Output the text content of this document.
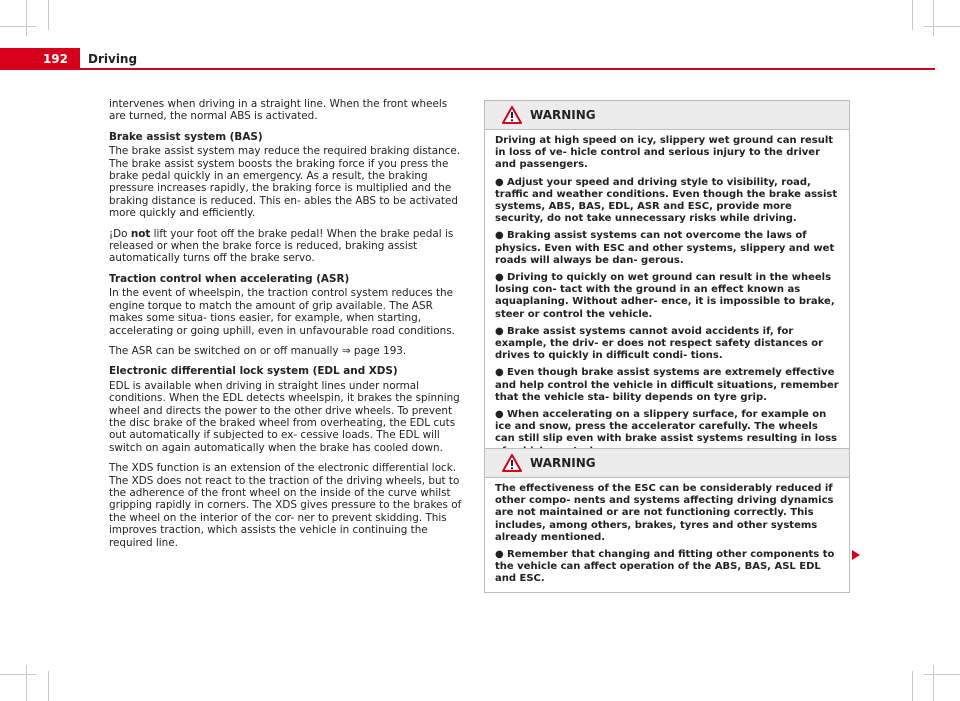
192	Driving

intervenes when driving in a straight line. When the front wheels are turned, the normal ABS is activated.

Brake assist system (BAS)

The brake assist system may reduce the required braking distance. The brake assist system boosts the braking force if you press the brake pedal quickly in an emergency. As a result, the braking pressure increases rapidly, the braking force is multiplied and the braking distance is reduced. This en- ables the ABS to be activated more quickly and efficiently.

¡Do not lift your foot off the brake pedal! When the brake pedal is released or when the brake force is reduced, braking assist automatically turns off the brake servo.

Traction control when accelerating (ASR)

In the event of wheelspin, the traction control system reduces the engine torque to match the amount of grip available. The ASR makes some situa- tions easier, for example, when starting, accelerating or going uphill, even in unfavourable road conditions.

The ASR can be switched on or off manually ⇒ page 193.

Electronic differential lock system (EDL and XDS)

EDL is available when driving in straight lines under normal conditions. When the EDL detects wheelspin, it brakes the spinning wheel and directs the power to the other drive wheels. To prevent the disc brake of the braked wheel from overheating, the EDL cuts out automatically if subjected to ex- cessive loads. The EDL will switch on again automatically when the brake has cooled down.

The XDS function is an extension of the electronic differential lock. The XDS does not react to the traction of the driving wheels, but to the adherence of the front wheel on the inside of the curve whilst gripping rapidly in corners. The XDS gives pressure to the brakes of the wheel on the interior of the cor- ner to prevent skidding. This improves traction, which assists the vehicle in continuing the required line.

WARNING

Driving at high speed on icy, slippery wet ground can result in loss of ve- hicle control and serious injury to the driver and passengers.

● Adjust your speed and driving style to visibility, road, traffic and weather conditions. Even though the brake assist systems, ABS, BAS, EDL, ASR and ESC, provide more security, do not take unnecessary risks while driving.

● Braking assist systems can not overcome the laws of physics. Even with ESC and other systems, slippery and wet roads will always be dan- gerous.

● Driving to quickly on wet ground can result in the wheels losing con- tact with the ground in an effect known as aquaplaning. Without adher- ence, it is impossible to brake, steer or control the vehicle.

● Brake assist systems cannot avoid accidents if, for example, the driv- er does not respect safety distances or drives to quickly in difficult condi- tions.

● Even though brake assist systems are extremely effective and help control the vehicle in difficult situations, remember that the vehicle sta- bility depends on tyre grip.

● When accelerating on a slippery surface, for example on ice and snow, press the accelerator carefully. The wheels can still slip even with brake assist systems resulting in loss

WARNING

The effectiveness of the ESC can be considerably reduced if other compo- nents and systems affecting driving dynamics are not maintained or are not functioning correctly. This includes, among others, brakes, tyres and other systems already mentioned.

● Remember that changing and fitting other components to the vehicle can affect operation of the ABS, BAS, ASL EDL and ESC.
